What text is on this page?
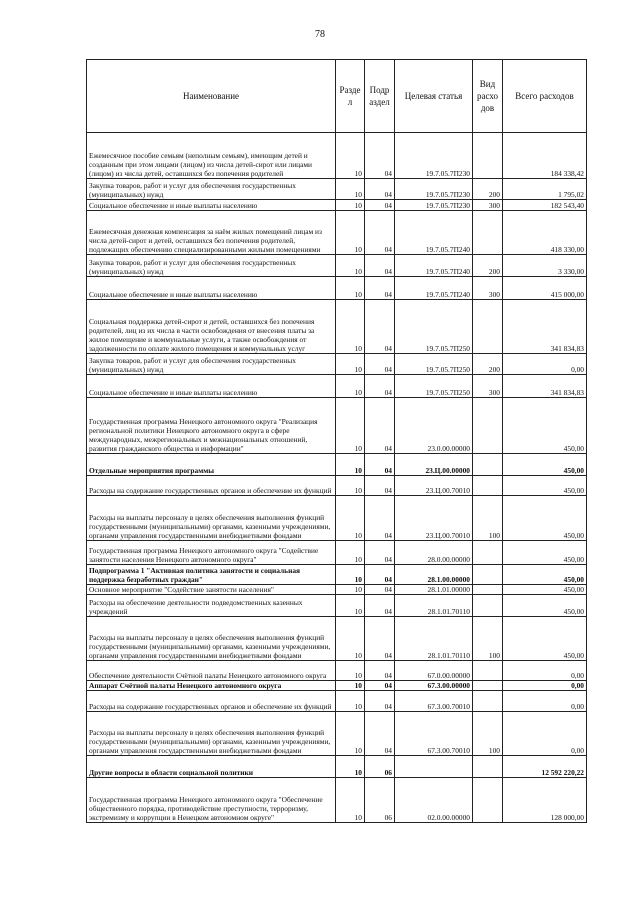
78
Наименование	Разде л	Подр аздел	Целевая статья	Вид расхо дов	Всего расходов
Ежемесячное пособие семьям (неполным семьям), имеющим детей и созданным при этом лицами (лицом) из числа детей-сирот или лицами (лицом) из числа детей, оставшихся без попечения родителей	10	04	19.7.05.7П230		184 338,42
Закупка товаров, работ и услуг для обеспечения государственных (муниципальных) нужд	10	04	19.7.05.7П230	200	1 795,02
Социальное обеспечение и иные выплаты населению	10	04	19.7.05.7П230	300	182 543,40
Ежемесячная денежная компенсация за наём жилых помещений лицам из числа детей-сирот и детей, оставшихся без попечения родителей, подлежащих обеспечению специализированными жилыми помещениями	10	04	19.7.05.7П240		418 330,00
Закупка товаров, работ и услуг для обеспечения государственных (муниципальных) нужд	10	04	19.7.05.7П240	200	3 330,00
Социальное обеспечение и иные выплаты населению	10	04	19.7.05.7П240	300	415 000,00
Социальная поддержка детей-сирот и детей, оставшихся без попечения родителей, лиц из их числа в части освобождения от внесения платы за жилое помещение и коммунальные услуги, а также освобождения от задолженности по оплате жилого помещения и коммунальных услуг	10	04	19.7.05.7П250		341 834,83
Закупка товаров, работ и услуг для обеспечения государственных (муниципальных) нужд	10	04	19.7.05.7П250	200	0,00
Социальное обеспечение и иные выплаты населению	10	04	19.7.05.7П250	300	341 834,83
Государственная программа Ненецкого автономного округа "Реализация региональной политики Ненецкого автономного округа в сфере международных, межрегиональных и межнациональных отношений, развития гражданского общества и информации"	10	04	23.0.00.00000		450,00
Отдельные мероприятия программы	10	04	23.Ц.00.00000		450,00
Расходы на содержание государственных органов и обеспечение их функций	10	04	23.Ц.00.70010		450,00
Расходы на выплаты персоналу в целях обеспечения выполнения функций государственными (муниципальными) органами, казенными учреждениями, органами управления государственными внебюджетными фондами	10	04	23.Ц.00.70010	100	450,00
Государственная программа Ненецкого автономного округа "Содействие занятости населения Ненецкого автономного округа"	10	04	28.0.00.00000		450,00
Подпрограмма 1 "Активная политика занятости и социальная поддержка безработных граждан"	10	04	28.1.00.00000		450,00
Основное мероприятие "Содействие занятости населения"	10	04	28.1.01.00000		450,00
Расходы на обеспечение деятельности подведомственных казенных учреждений	10	04	28.1.01.70110		450,00
Расходы на выплаты персоналу в целях обеспечения выполнения функций государственными (муниципальными) органами, казенными учреждениями, органами управления государственными внебюджетными фондами	10	04	28.1.01.70110	100	450,00
Обеспечение деятельности Счётной палаты Ненецкого автономного округа	10	04	67.0.00.00000		0,00
Аппарат Счётной палаты Ненецкого автономного округа	10	04	67.3.00.00000		0,00
Расходы на содержание государственных органов и обеспечение их функций	10	04	67.3.00.70010		0,00
Расходы на выплаты персоналу в целях обеспечения выполнения функций государственными (муниципальными) органами, казенными учреждениями, органами управления государственными внебюджетными фондами	10	04	67.3.00.70010	100	0,00
Другие вопросы в области социальной политики	10	06			12 592 220,22
Государственная программа Ненецкого автономного округа "Обеспечение общественного порядка, противодействие преступности, терроризму, экстремизму и коррупции в Ненецком автономном округе"	10	06	02.0.00.00000		128 000,00
